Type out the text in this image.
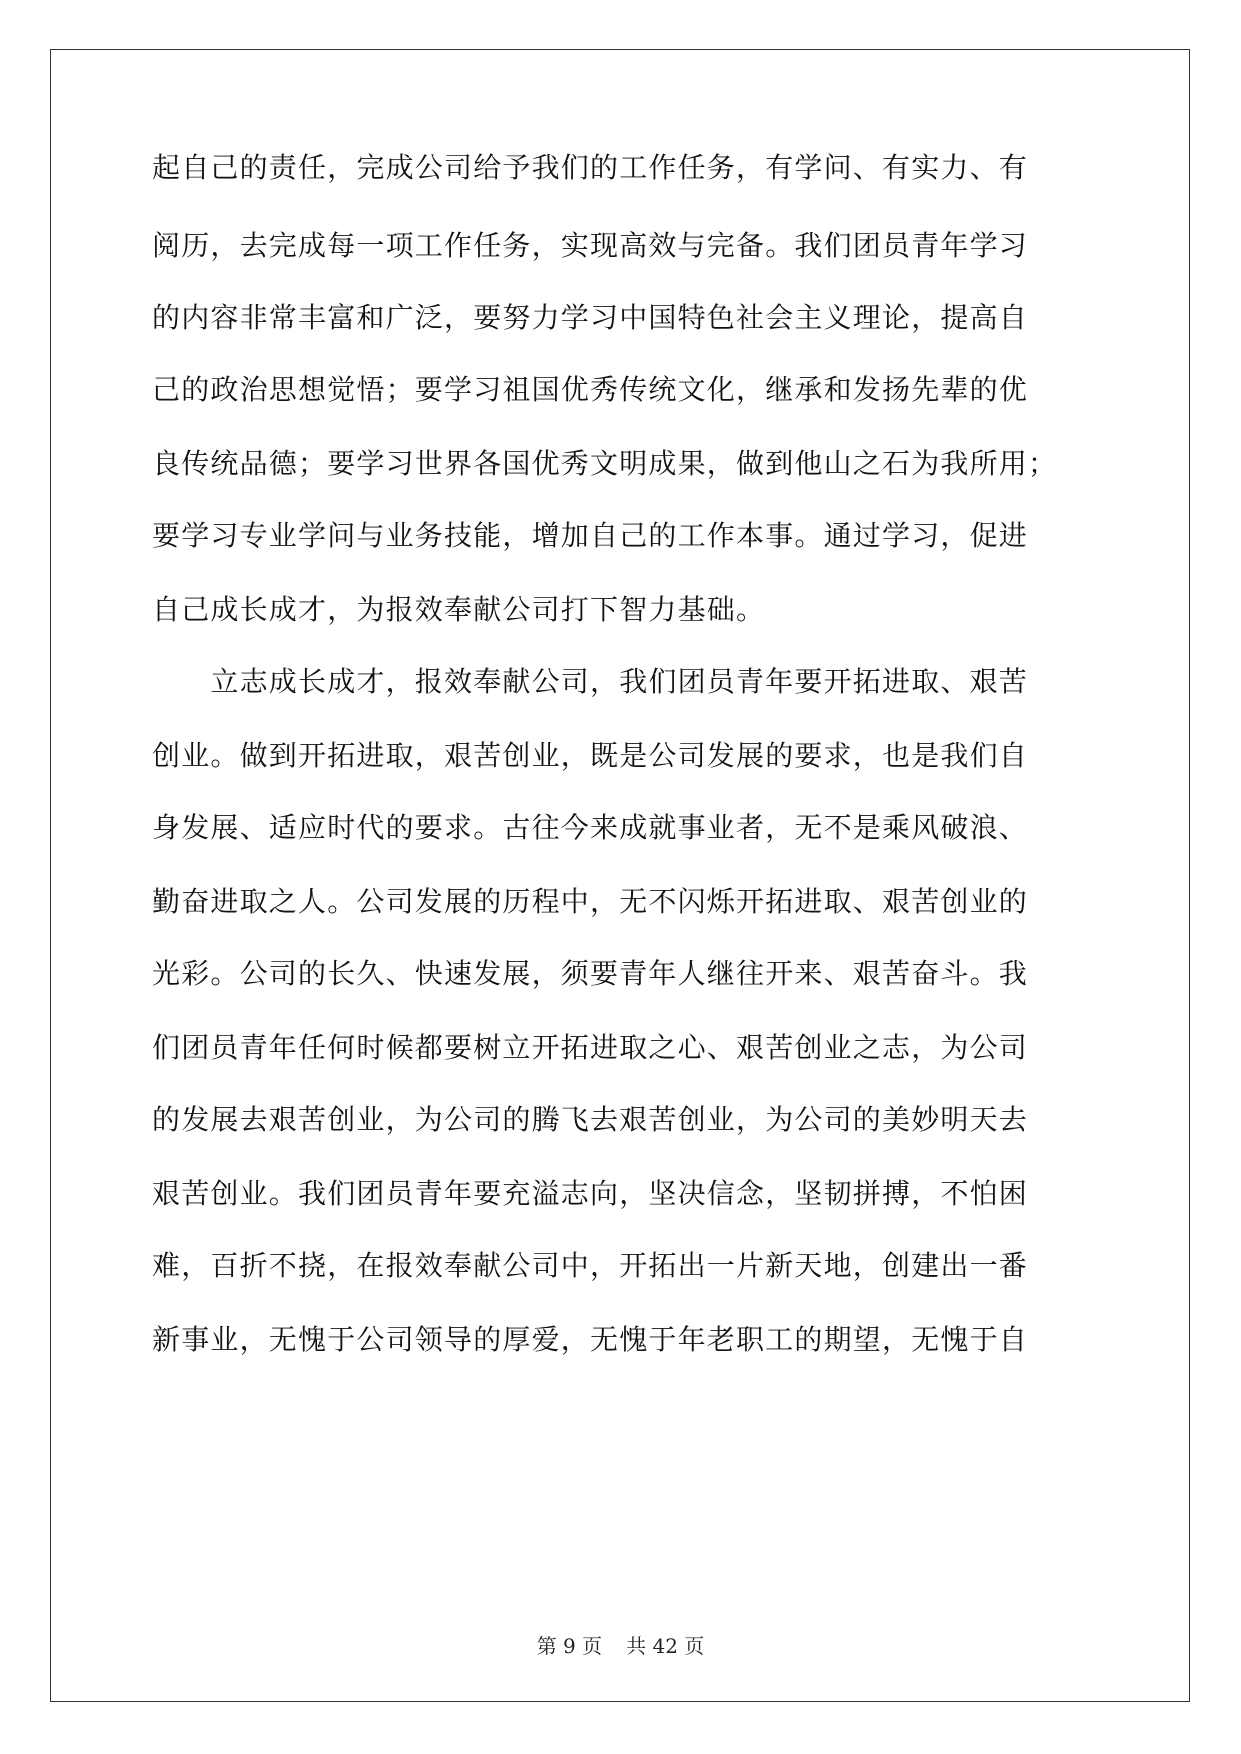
起自己的责任，完成公司给予我们的工作任务，有学问、有实力、有
阅历，去完成每一项工作任务，实现高效与完备。我们团员青年学习
的内容非常丰富和广泛，要努力学习中国特色社会主义理论，提高自
己的政治思想觉悟；要学习祖国优秀传统文化，继承和发扬先辈的优
良传统品德；要学习世界各国优秀文明成果，做到他山之石为我所用；
要学习专业学问与业务技能，增加自己的工作本事。通过学习，促进
自己成长成才，为报效奉献公司打下智力基础。
　　立志成长成才，报效奉献公司，我们团员青年要开拓进取、艰苦
创业。做到开拓进取，艰苦创业，既是公司发展的要求，也是我们自
身发展、适应时代的要求。古往今来成就事业者，无不是乘风破浪、
勤奋进取之人。公司发展的历程中，无不闪烁开拓进取、艰苦创业的
光彩。公司的长久、快速发展，须要青年人继往开来、艰苦奋斗。我
们团员青年任何时候都要树立开拓进取之心、艰苦创业之志，为公司
的发展去艰苦创业，为公司的腾飞去艰苦创业，为公司的美妙明天去
艰苦创业。我们团员青年要充溢志向，坚决信念，坚韧拼搏，不怕困
难，百折不挠，在报效奉献公司中，开拓出一片新天地，创建出一番
新事业，无愧于公司领导的厚爱，无愧于年老职工的期望，无愧于自
第 9 页 共 42 页
